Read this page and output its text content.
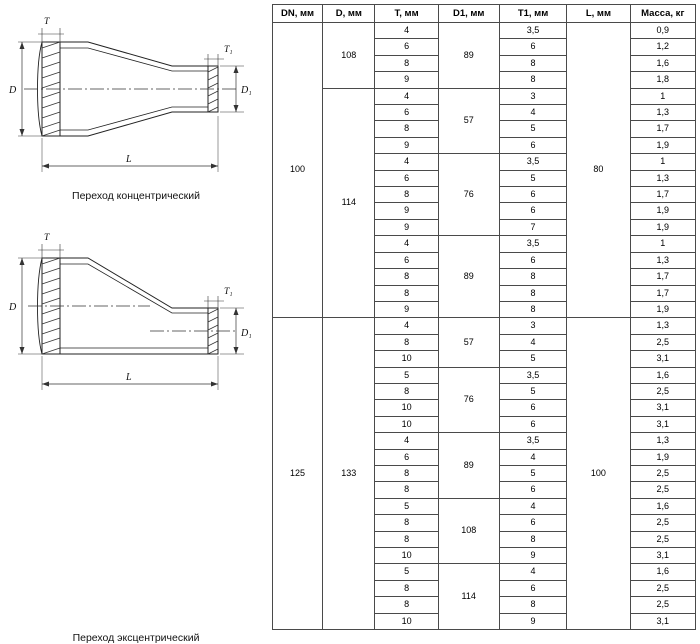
D	D₁
T
T₁
L
Переход концентрический
D
D₁
T
T₁
L
Переход эксцентрический
DN, мм	D, мм	T, мм	D1, мм	T1, мм	L, мм	Масса, кг
100	108	4	89	3,5	80	0,9
		6		6		1,2
		8		8		1,6
		9		8		1,8
	114	4	57	3		1
		6		4		1,3
		8		5		1,7
		9		6		1,9
		4	76	3,5		1
		6		5		1,3
		8		6		1,7
		9		6		1,9
		9		7		1,9
		4	89	3,5		1
		6		6		1,3
		8		8		1,7
		8		8		1,7
		9		8		1,9
125	133	4	57	3	100	1,3
		8		4		2,5
		10		5		3,1
		5	76	3,5		1,6
		8		5		2,5
		10		6		3,1
		10		6		3,1
		4	89	3,5		1,3
		6		4		1,9
		8		5		2,5
		8		6		2,5
		5	108	4		1,6
		8		6		2,5
		8		8		2,5
		10		9		3,1
		5	114	4		1,6
		8		6		2,5
		8		8		2,5
		10		9		3,1
